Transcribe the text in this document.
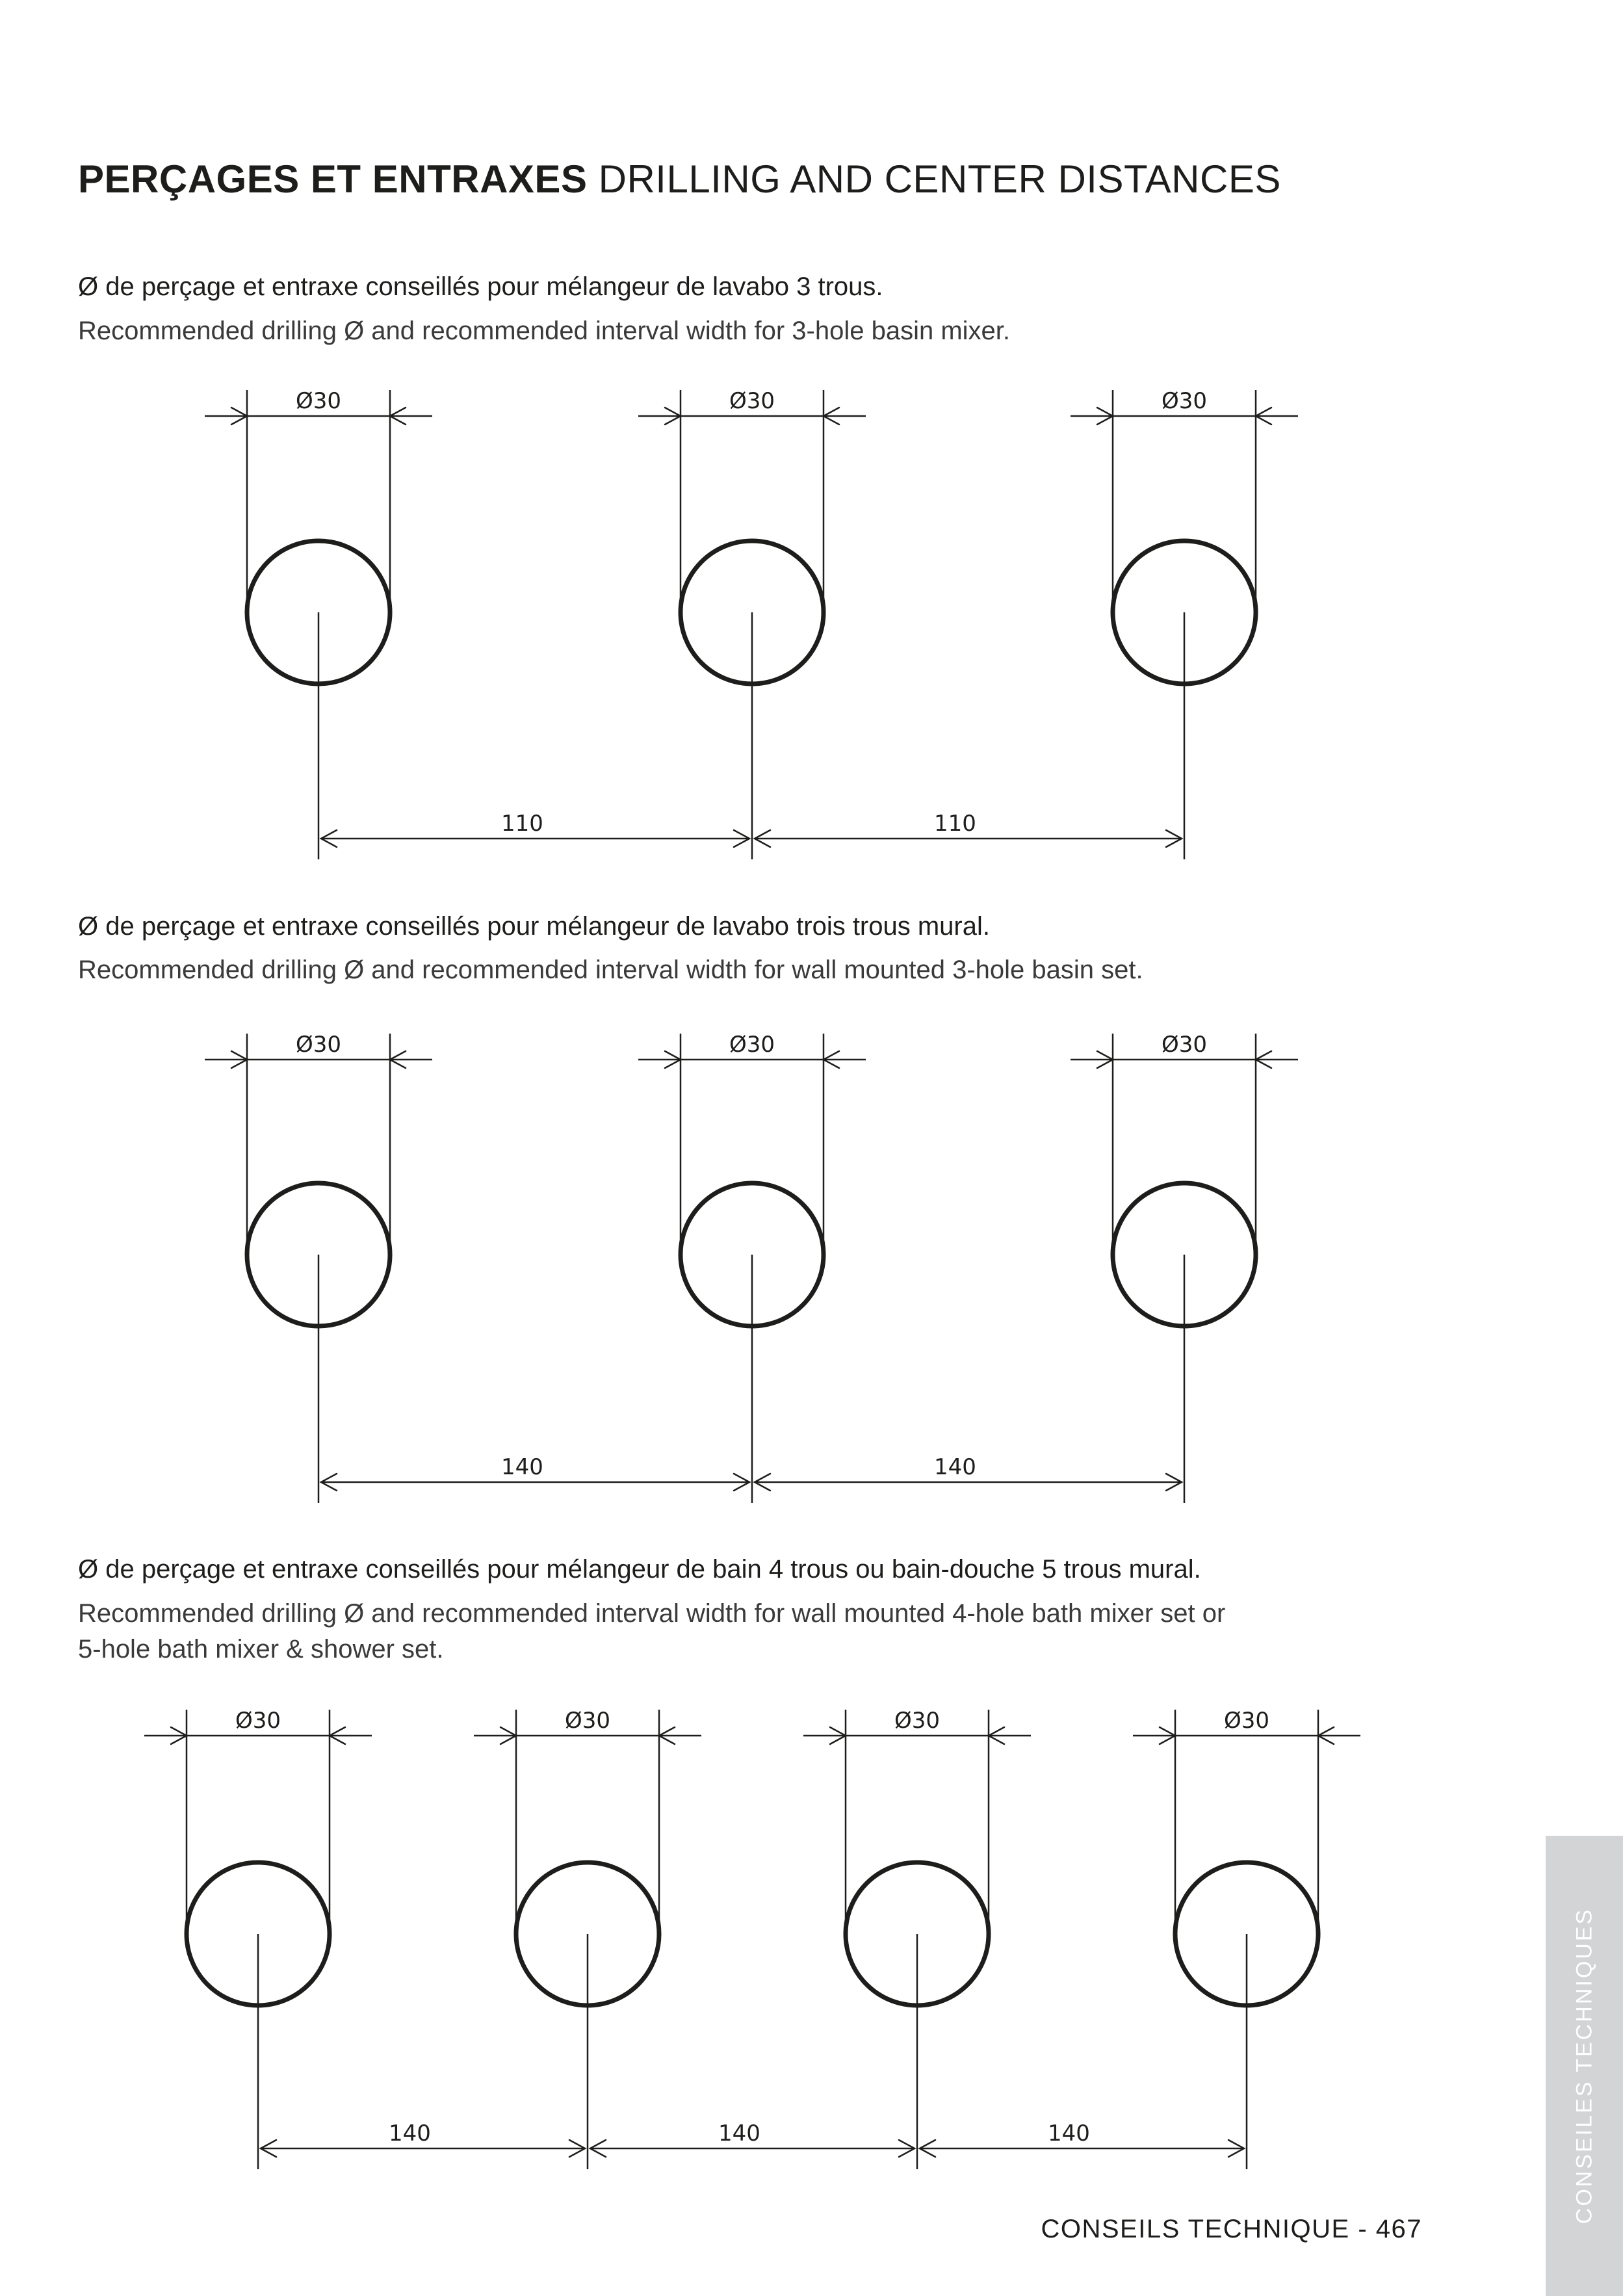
PERÇAGES ET ENTRAXES DRILLING AND CENTER DISTANCES

Ø de perçage et entraxe conseillés pour mélangeur de lavabo 3 trous.

Recommended drilling Ø and recommended interval width for 3-hole basin mixer.

Ø30	Ø30	Ø30
110	110

Ø de perçage et entraxe conseillés pour mélangeur de lavabo trois trous mural.

Recommended drilling Ø and recommended interval width for wall mounted 3-hole basin set.

Ø30	Ø30	Ø30
140	140

Ø de perçage et entraxe conseillés pour mélangeur de bain 4 trous ou bain-douche 5 trous mural.

Recommended drilling Ø and recommended interval width for wall mounted 4-hole bath mixer set or

5-hole bath mixer & shower set.

Ø30	Ø30	Ø30	Ø30
140	140	140	CONSEILES TECHNIQUES

CONSEILS TECHNIQUE - 467
